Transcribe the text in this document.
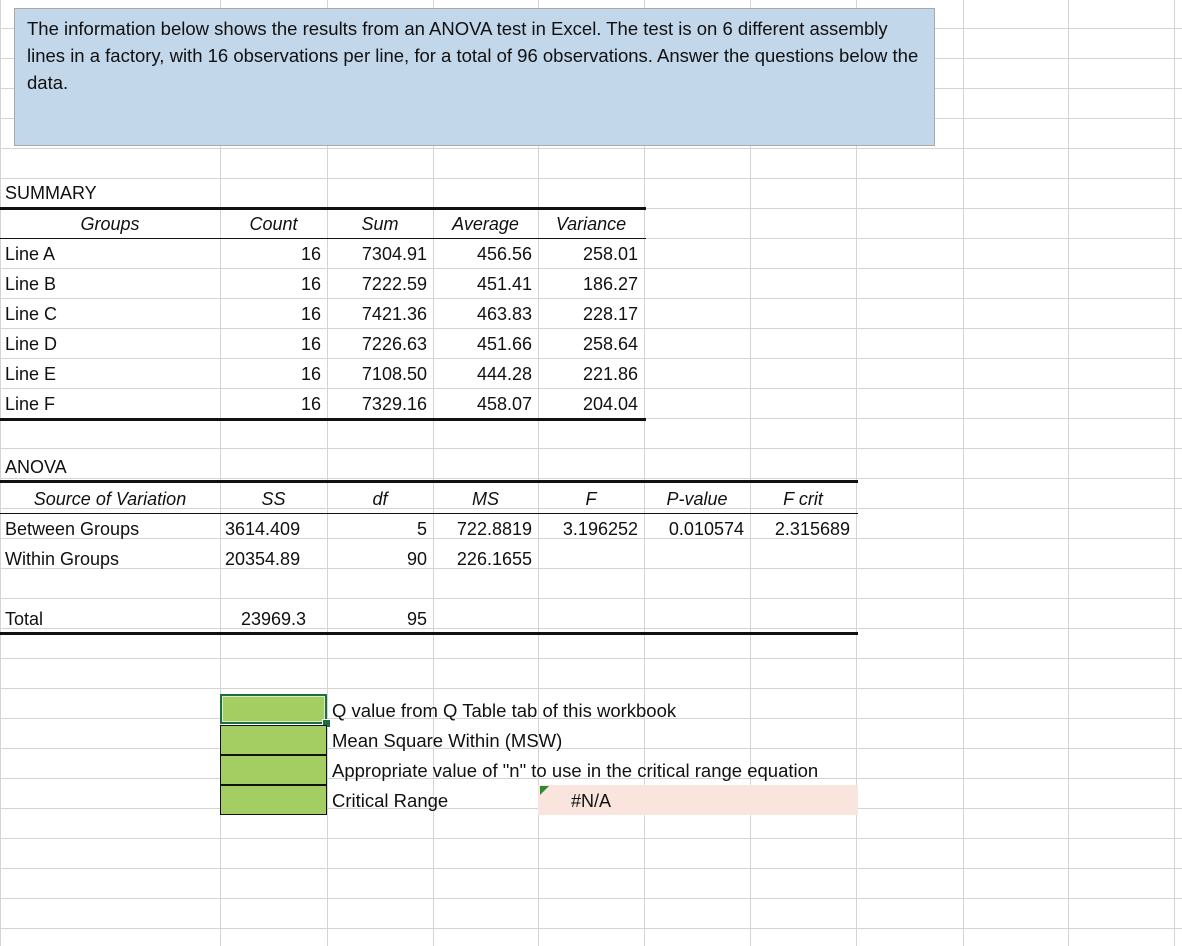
The information below shows the results from an ANOVA test in Excel. The test is on 6 different assembly lines in a factory, with 16 observations per line, for a total of 96 observations. Answer the questions below the data.
SUMMARY
Groups	Count	Sum	Average	Variance
Line A	16	7304.91	456.56	258.01
Line B	16	7222.59	451.41	186.27
Line C	16	7421.36	463.83	228.17
Line D	16	7226.63	451.66	258.64
Line E	16	7108.50	444.28	221.86
Line F	16	7329.16	458.07	204.04
ANOVA
Source of Variation	SS	df	MS	F	P-value	F crit
Between Groups	3614.409	5	722.8819	3.196252	0.010574	2.315689
Within Groups	20354.89	90	226.1655
Total	23969.3	95
Q value from Q Table tab of this workbook
Mean Square Within (MSW)
Appropriate value of "n" to use in the critical range equation
Critical Range	#N/A
